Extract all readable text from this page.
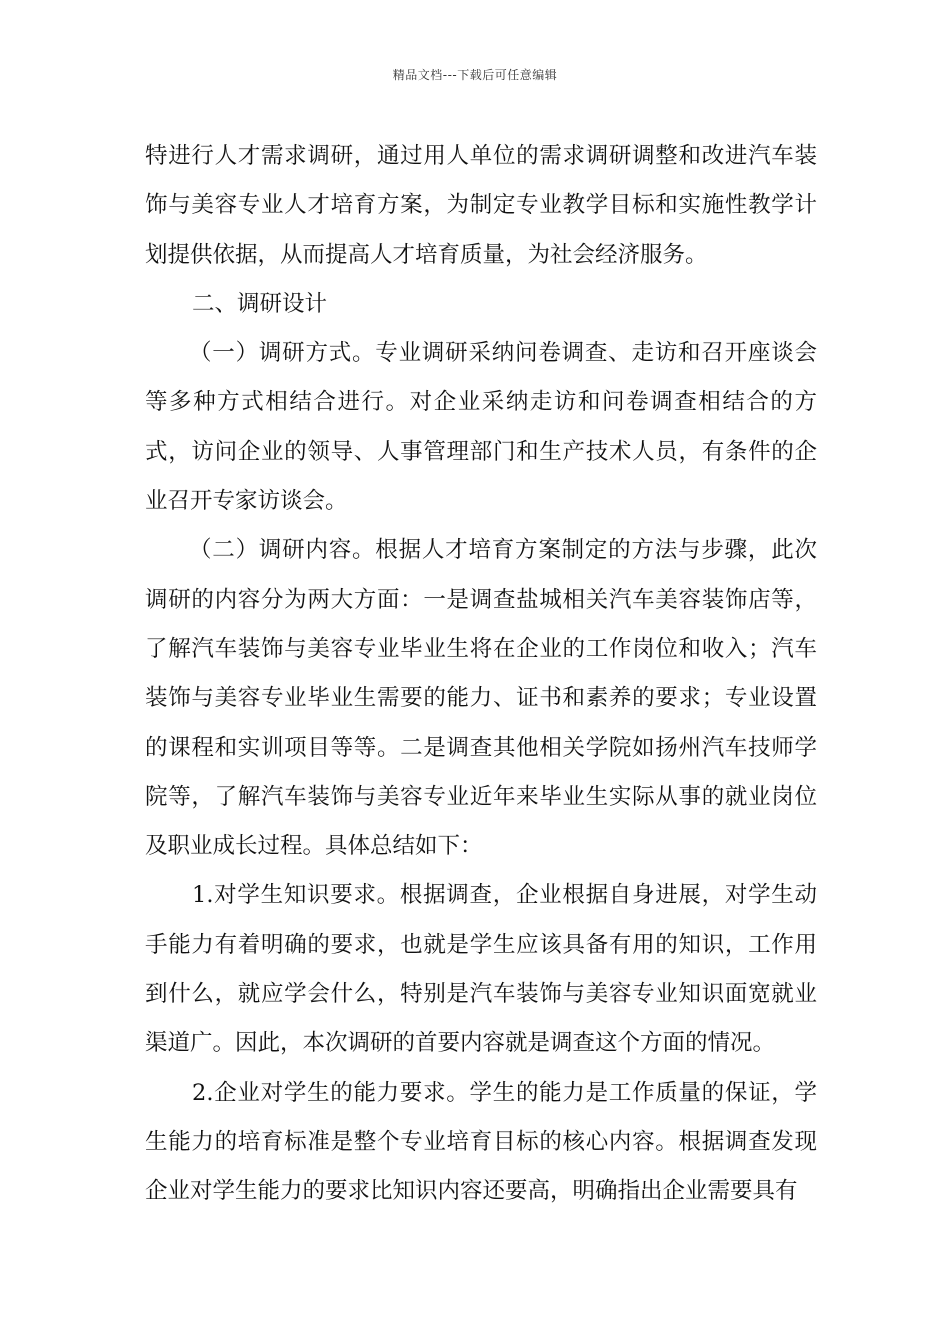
精品文档---下载后可任意编辑

特进行人才需求调研，通过用人单位的需求调研调整和改进汽车装饰与美容专业人才培育方案，为制定专业教学目标和实施性教学计划提供依据，从而提高人才培育质量，为社会经济服务。

二、调研设计

（一）调研方式。专业调研采纳问卷调查、走访和召开座谈会等多种方式相结合进行。对企业采纳走访和问卷调查相结合的方式，访问企业的领导、人事管理部门和生产技术人员，有条件的企业召开专家访谈会。

（二）调研内容。根据人才培育方案制定的方法与步骤，此次调研的内容分为两大方面：一是调查盐城相关汽车美容装饰店等，了解汽车装饰与美容专业毕业生将在企业的工作岗位和收入；汽车装饰与美容专业毕业生需要的能力、证书和素养的要求；专业设置的课程和实训项目等等。二是调查其他相关学院如扬州汽车技师学院等，了解汽车装饰与美容专业近年来毕业生实际从事的就业岗位及职业成长过程。具体总结如下：

1.对学生知识要求。根据调查，企业根据自身进展，对学生动手能力有着明确的要求，也就是学生应该具备有用的知识，工作用到什么，就应学会什么，特别是汽车装饰与美容专业知识面宽就业渠道广。因此，本次调研的首要内容就是调查这个方面的情况。

2.企业对学生的能力要求。学生的能力是工作质量的保证，学生能力的培育标准是整个专业培育目标的核心内容。根据调查发现企业对学生能力的要求比知识内容还要高，明确指出企业需要具有
